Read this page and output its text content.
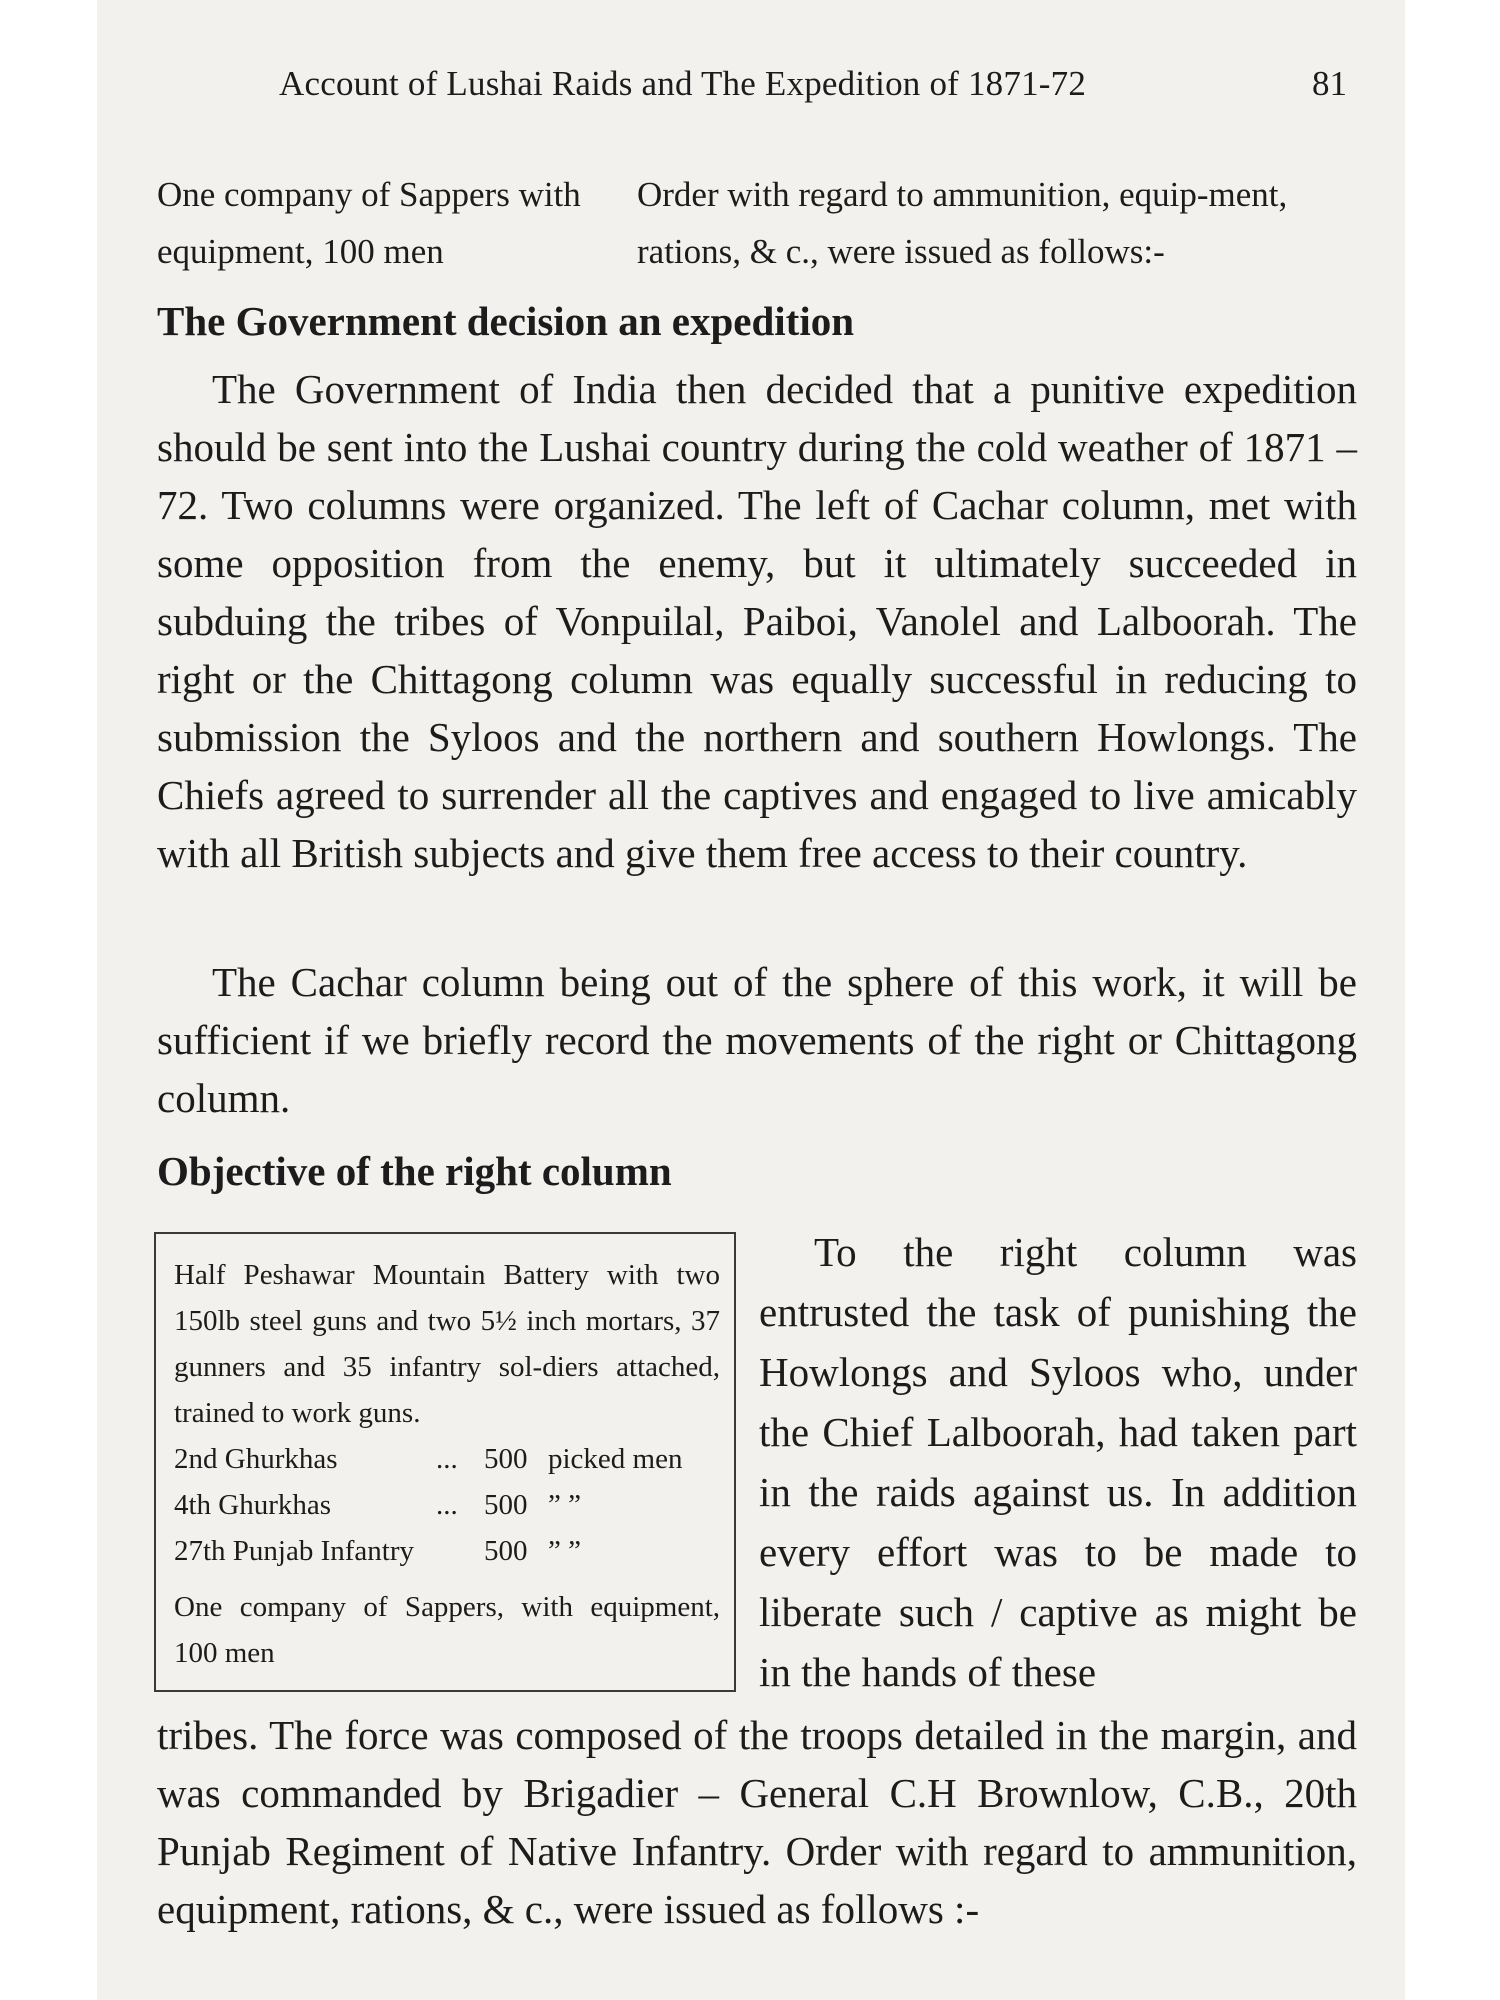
Account of Lushai Raids and The Expedition of 1871-72	81
One company of Sappers with equipment, 100 men
Order with regard to ammunition, equip-ment, rations, & c., were issued as follows:-
The Government decision an expedition

The Government of India then decided that a punitive expedition should be sent into the Lushai country during the cold weather of 1871 – 72. Two columns were organized. The left of Cachar column, met with some opposition from the enemy, but it ultimately succeeded in subduing the tribes of Vonpuilal, Paiboi, Vanolel and Lalboorah. The right or the Chittagong column was equally successful in reducing to submission the Syloos and the northern and southern Howlongs. The Chiefs agreed to surrender all the captives and engaged to live amicably with all British subjects and give them free access to their country.

The Cachar column being out of the sphere of this work, it will be sufficient if we briefly record the movements of the right or Chittagong column.

Objective of the right column
Half Peshawar Mountain Battery with two 150lb steel guns and two 5½ inch mortars, 37 gunners and 35 infantry sol-diers attached, trained to work guns.
2nd Ghurkhas	... 500 picked men
4th Ghurkhas	... 500 ” ”
27th Punjab Infantry	500 ” ”
One company of Sappers, with equipment, 100 men
To the right column was entrusted the task of punishing the Howlongs and Syloos who, under the Chief Lalboorah, had taken part in the raids against us. In addition every effort was to be made to liberate such / captive as might be in the hands of these

tribes. The force was composed of the troops detailed in the margin, and was commanded by Brigadier – General C.H Brownlow, C.B., 20th Punjab Regiment of Native Infantry. Order with regard to ammunition, equipment, rations, & c., were issued as follows :-
